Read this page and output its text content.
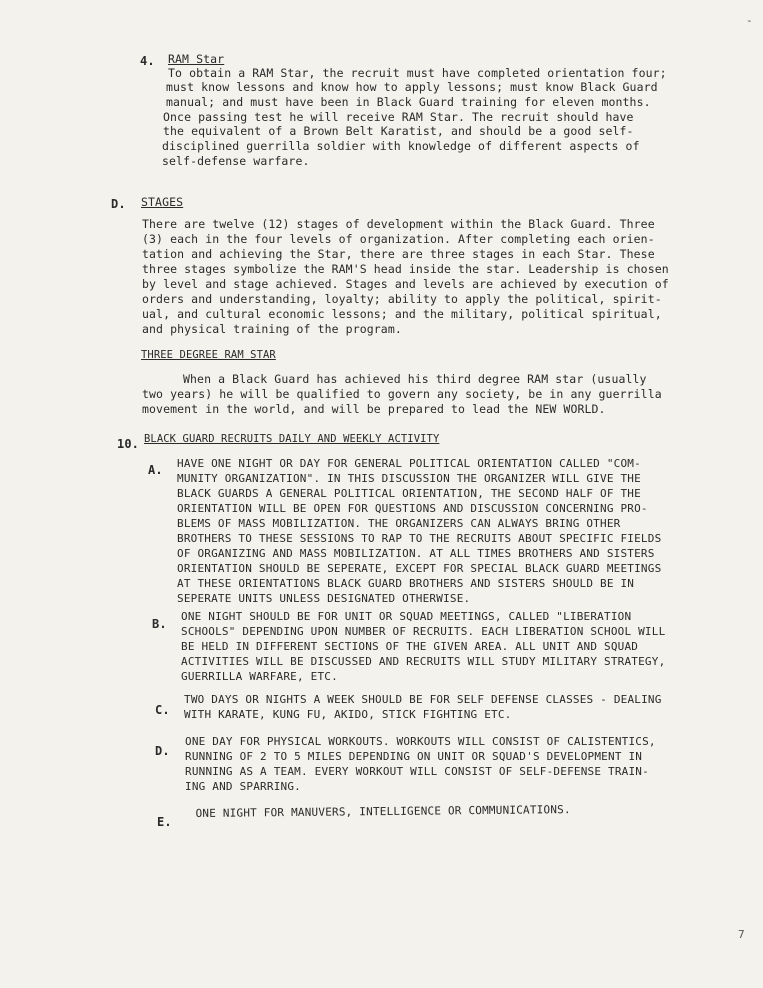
-
7
4. RAM Star
To obtain a RAM Star, the recruit must have completed orientation four;
must know lessons and know how to apply lessons; must know Black Guard
manual; and must have been in Black Guard training for eleven months.
Once passing test he will receive RAM Star. The recruit should have
the equivalent of a Brown Belt Karatist, and should be a good self-
disciplined guerrilla soldier with knowledge of different aspects of
self-defense warfare.
D. STAGES
There are twelve (12) stages of development within the Black Guard. Three
(3) each in the four levels of organization. After completing each orien-
tation and achieving the Star, there are three stages in each Star. These
three stages symbolize the RAM'S head inside the star. Leadership is chosen
by level and stage achieved. Stages and levels are achieved by execution of
orders and understanding, loyalty; ability to apply the political, spirit-
ual, and cultural economic lessons; and the military, political spiritual,
and physical training of the program.
THREE DEGREE RAM STAR
When a Black Guard has achieved his third degree RAM star (usually
two years) he will be qualified to govern any society, be in any guerrilla
movement in the world, and will be prepared to lead the NEW WORLD.
10. BLACK GUARD RECRUITS DAILY AND WEEKLY ACTIVITY
A. HAVE ONE NIGHT OR DAY FOR GENERAL POLITICAL ORIENTATION CALLED "COM-
MUNITY ORGANIZATION". IN THIS DISCUSSION THE ORGANIZER WILL GIVE THE
BLACK GUARDS A GENERAL POLITICAL ORIENTATION, THE SECOND HALF OF THE
ORIENTATION WILL BE OPEN FOR QUESTIONS AND DISCUSSION CONCERNING PRO-
BLEMS OF MASS MOBILIZATION. THE ORGANIZERS CAN ALWAYS BRING OTHER
BROTHERS TO THESE SESSIONS TO RAP TO THE RECRUITS ABOUT SPECIFIC FIELDS
OF ORGANIZING AND MASS MOBILIZATION. AT ALL TIMES BROTHERS AND SISTERS
ORIENTATION SHOULD BE SEPERATE, EXCEPT FOR SPECIAL BLACK GUARD MEETINGS
AT THESE ORIENTATIONS BLACK GUARD BROTHERS AND SISTERS SHOULD BE IN
SEPERATE UNITS UNLESS DESIGNATED OTHERWISE.
B.
ONE NIGHT SHOULD BE FOR UNIT OR SQUAD MEETINGS, CALLED "LIBERATION
SCHOOLS" DEPENDING UPON NUMBER OF RECRUITS. EACH LIBERATION SCHOOL WILL
BE HELD IN DIFFERENT SECTIONS OF THE GIVEN AREA. ALL UNIT AND SQUAD
ACTIVITIES WILL BE DISCUSSED AND RECRUITS WILL STUDY MILITARY STRATEGY,
GUERRILLA WARFARE, ETC.
C.
TWO DAYS OR NIGHTS A WEEK SHOULD BE FOR SELF DEFENSE CLASSES - DEALING
WITH KARATE, KUNG FU, AKIDO, STICK FIGHTING ETC.
D.
ONE DAY FOR PHYSICAL WORKOUTS. WORKOUTS WILL CONSIST OF CALISTENTICS,
RUNNING OF 2 TO 5 MILES DEPENDING ON UNIT OR SQUAD'S DEVELOPMENT IN
RUNNING AS A TEAM. EVERY WORKOUT WILL CONSIST OF SELF-DEFENSE TRAIN-
ING AND SPARRING.
E.
ONE NIGHT FOR MANUVERS, INTELLIGENCE OR COMMUNICATIONS.
